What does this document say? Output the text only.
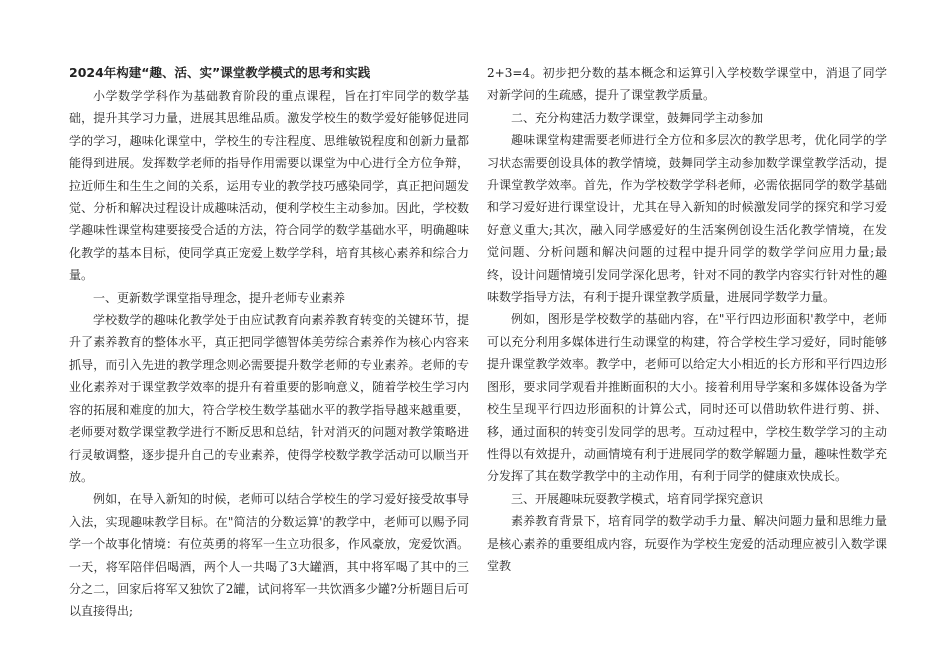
2024年构建“趣、活、实”课堂教学模式的思考和实践

小学数学学科作为基础教育阶段的重点课程，旨在打牢同学的数学基础，提升其学习力量，进展其思维品质。激发学校生的数学爱好能够促进同学的学习，趣味化课堂中，学校生的专注程度、思维敏锐程度和创新力量都能得到进展。发挥数学老师的指导作用需要以课堂为中心进行全方位争辩，拉近师生和生生之间的关系，运用专业的教学技巧感染同学，真正把问题发觉、分析和解决过程设计成趣味活动，便利学校生主动参加。因此，学校数学趣味性课堂构建要接受合适的方法，符合同学的数学基础水平，明确趣味化教学的基本目标，使同学真正宠爱上数学学科，培育其核心素养和综合力量。

一、更新数学课堂指导理念，提升老师专业素养

学校数学的趣味化教学处于由应试教育向素养教育转变的关键环节，提升了素养教育的整体水平，真正把同学德智体美劳综合素养作为核心内容来抓导，而引入先进的教学理念则必需要提升数学老师的专业素养。老师的专业化素养对于课堂教学效率的提升有着重要的影响意义，随着学校生学习内容的拓展和难度的加大，符合学校生数学基础水平的教学指导越来越重要，老师要对数学课堂教学进行不断反思和总结，针对消灭的问题对教学策略进行灵敏调整，逐步提升自己的专业素养，使得学校数学教学活动可以顺当开放。

例如，在导入新知的时候，老师可以结合学校生的学习爱好接受故事导入法，实现趣味教学目标。在"简洁的分数运算'的教学中，老师可以赐予同学一个故事化情境：有位英勇的将军一生立功很多，作风豪放，宠爱饮酒。一天，将军陪伴侣喝酒，两个人一共喝了3大罐酒，其中将军喝了其中的三分之二，回家后将军又独饮了2罐，试问将军一共饮酒多少罐?分析题目后可以直接得出;

2+3=4。初步把分数的基本概念和运算引入学校数学课堂中，消退了同学对新学问的生疏感，提升了课堂教学质量。

二、充分构建活力数学课堂，鼓舞同学主动参加

趣味课堂构建需要老师进行全方位和多层次的教学思考，优化同学的学习状态需要创设具体的教学情境，鼓舞同学主动参加数学课堂教学活动，提升课堂教学效率。首先，作为学校数学学科老师，必需依据同学的数学基础和学习爱好进行课堂设计，尤其在导入新知的时候激发同学的探究和学习爱好意义重大;其次，融入同学感爱好的生活案例创设生活化教学情境，在发觉问题、分析问题和解决问题的过程中提升同学的数学学问应用力量;最终，设计问题情境引发同学深化思考，针对不同的教学内容实行针对性的趣味数学指导方法，有利于提升课堂教学质量，进展同学数学力量。

例如，图形是学校数学的基础内容，在"平行四边形面积'教学中，老师可以充分利用多媒体进行生动课堂的构建，符合学校生学习爱好，同时能够提升课堂教学效率。教学中，老师可以给定大小相近的长方形和平行四边形图形，要求同学观看并推断面积的大小。接着利用导学案和多媒体设备为学校生呈现平行四边形面积的计算公式，同时还可以借助软件进行剪、拼、移，通过面积的转变引发同学的思考。互动过程中，学校生数学学习的主动性得以有效提升，动画情境有利于进展同学的数学解题力量，趣味性数学充分发挥了其在数学教学中的主动作用，有利于同学的健康欢快成长。

三、开展趣味玩耍教学模式，培育同学探究意识

素养教育背景下，培育同学的数学动手力量、解决问题力量和思维力量是核心素养的重要组成内容，玩耍作为学校生宠爱的活动理应被引入数学课堂教
